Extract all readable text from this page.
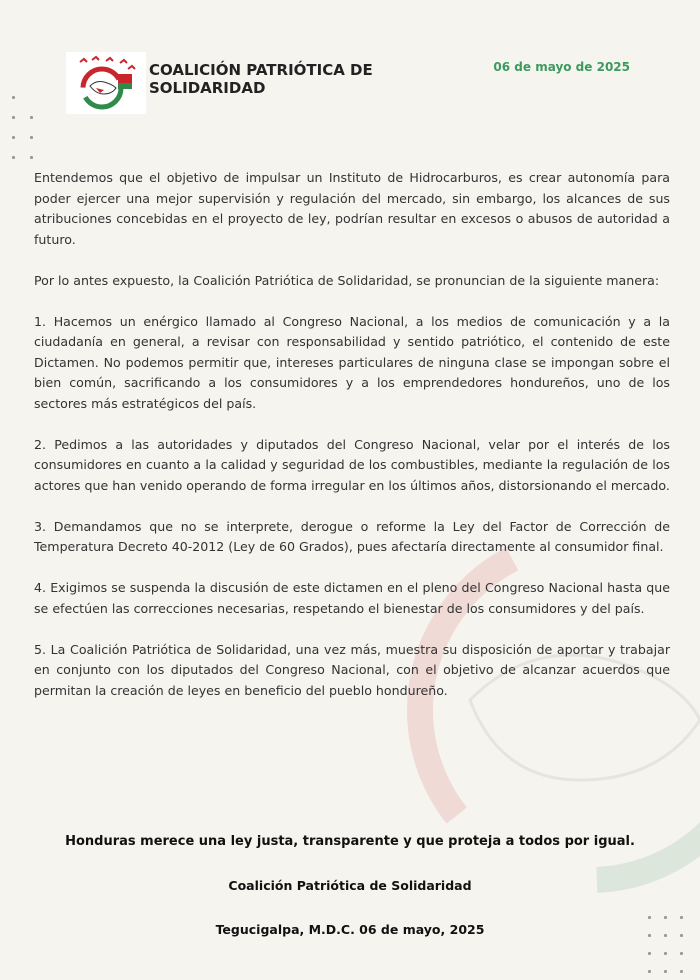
COALICIÓN PATRIÓTICA DE SOLIDARIDAD
06 de mayo de 2025

Entendemos que el objetivo de impulsar un Instituto de Hidrocarburos, es crear autonomía para poder ejercer una mejor supervisión y regulación del mercado, sin embargo, los alcances de sus atribuciones concebidas en el proyecto de ley, podrían resultar en excesos o abusos de autoridad a futuro.

Por lo antes expuesto, la Coalición Patriótica de Solidaridad, se pronuncian de la siguiente manera:

1. Hacemos un enérgico llamado al Congreso Nacional, a los medios de comunicación y a la ciudadanía en general, a revisar con responsabilidad y sentido patriótico, el contenido de este Dictamen. No podemos permitir que, intereses particulares de ninguna clase se impongan sobre el bien común, sacrificando a los consumidores y a los emprendedores hondureños, uno de los sectores más estratégicos del país.

2. Pedimos a las autoridades y diputados del Congreso Nacional, velar por el interés de los consumidores en cuanto a la calidad y seguridad de los combustibles, mediante la regulación de los actores que han venido operando de forma irregular en los últimos años, distorsionando el mercado.

3. Demandamos que no se interprete, derogue o reforme la Ley del Factor de Corrección de Temperatura Decreto 40-2012 (Ley de 60 Grados), pues afectaría directamente al consumidor final.

4. Exigimos se suspenda la discusión de este dictamen en el pleno del Congreso Nacional hasta que se efectúen las correcciones necesarias, respetando el bienestar de los consumidores y del país.

5. La Coalición Patriótica de Solidaridad, una vez más, muestra su disposición de aportar y trabajar en conjunto con los diputados del Congreso Nacional, con el objetivo de alcanzar acuerdos que permitan la creación de leyes en beneficio del pueblo hondureño.

Honduras merece una ley justa, transparente y que proteja a todos por igual.

Coalición Patriótica de Solidaridad

Tegucigalpa, M.D.C. 06 de mayo, 2025
